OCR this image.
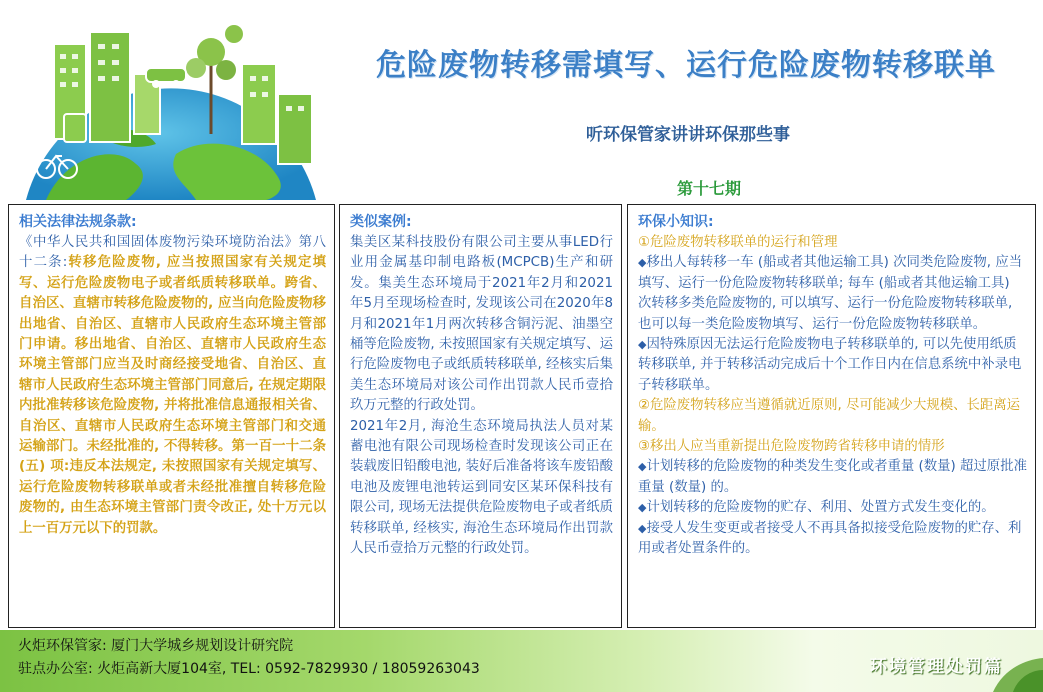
危险废物转移需填写、运行危险废物转移联单
听环保管家讲讲环保那些事
第十七期
相关法律法规条款:

《中华人民共和国固体废物污染环境防治法》第八十二条:转移危险废物, 应当按照国家有关规定填写、运行危险废物电子或者纸质转移联单。跨省、自治区、直辖市转移危险废物的, 应当向危险废物移出地省、自治区、直辖市人民政府生态环境主管部门申请。移出地省、自治区、直辖市人民政府生态环境主管部门应当及时商经接受地省、自治区、直辖市人民政府生态环境主管部门同意后, 在规定期限内批准转移该危险废物, 并将批准信息通报相关省、自治区、直辖市人民政府生态环境主管部门和交通运输部门。未经批准的, 不得转移。第一百一十二条 (五) 项:违反本法规定, 未按照国家有关规定填写、运行危险废物转移联单或者未经批准擅自转移危险废物的, 由生态环境主管部门责令改正, 处十万元以上一百万元以下的罚款。

类似案例:

集美区某科技股份有限公司主要从事LED行业用金属基印制电路板(MCPCB)生产和研发。集美生态环境局于2021年2月和2021年5月至现场检查时, 发现该公司在2020年8月和2021年1月两次转移含铜污泥、油墨空桶等危险废物, 未按照国家有关规定填写、运行危险废物电子或纸质转移联单, 经核实后集美生态环境局对该公司作出罚款人民币壹拾玖万元整的行政处罚。

2021年2月, 海沧生态环境局执法人员对某蓄电池有限公司现场检查时发现该公司正在装载废旧铅酸电池, 装好后准备将该车废铅酸电池及废锂电池转运到同安区某环保科技有限公司, 现场无法提供危险废物电子或者纸质转移联单, 经核实, 海沧生态环境局作出罚款人民币壹拾万元整的行政处罚。

环保小知识:
①危险废物转移联单的运行和管理
◆移出人每转移一车 (船或者其他运输工具) 次同类危险废物, 应当填写、运行一份危险废物转移联单; 每车 (船或者其他运输工具) 次转移多类危险废物的, 可以填写、运行一份危险废物转移联单, 也可以每一类危险废物填写、运行一份危险废物转移联单。
◆因特殊原因无法运行危险废物电子转移联单的, 可以先使用纸质转移联单, 并于转移活动完成后十个工作日内在信息系统中补录电子转移联单。
②危险废物转移应当遵循就近原则, 尽可能减少大规模、长距离运输。
③移出人应当重新提出危险废物跨省转移申请的情形
◆计划转移的危险废物的种类发生变化或者重量 (数量) 超过原批准重量 (数量) 的。
◆计划转移的危险废物的贮存、利用、处置方式发生变化的。
◆接受人发生变更或者接受人不再具备拟接受危险废物的贮存、利用或者处置条件的。
火炬环保管家: 厦门大学城乡规划设计研究院
驻点办公室: 火炬高新大厦104室, TEL: 0592-7829930 / 18059263043	环境管理处罚篇
